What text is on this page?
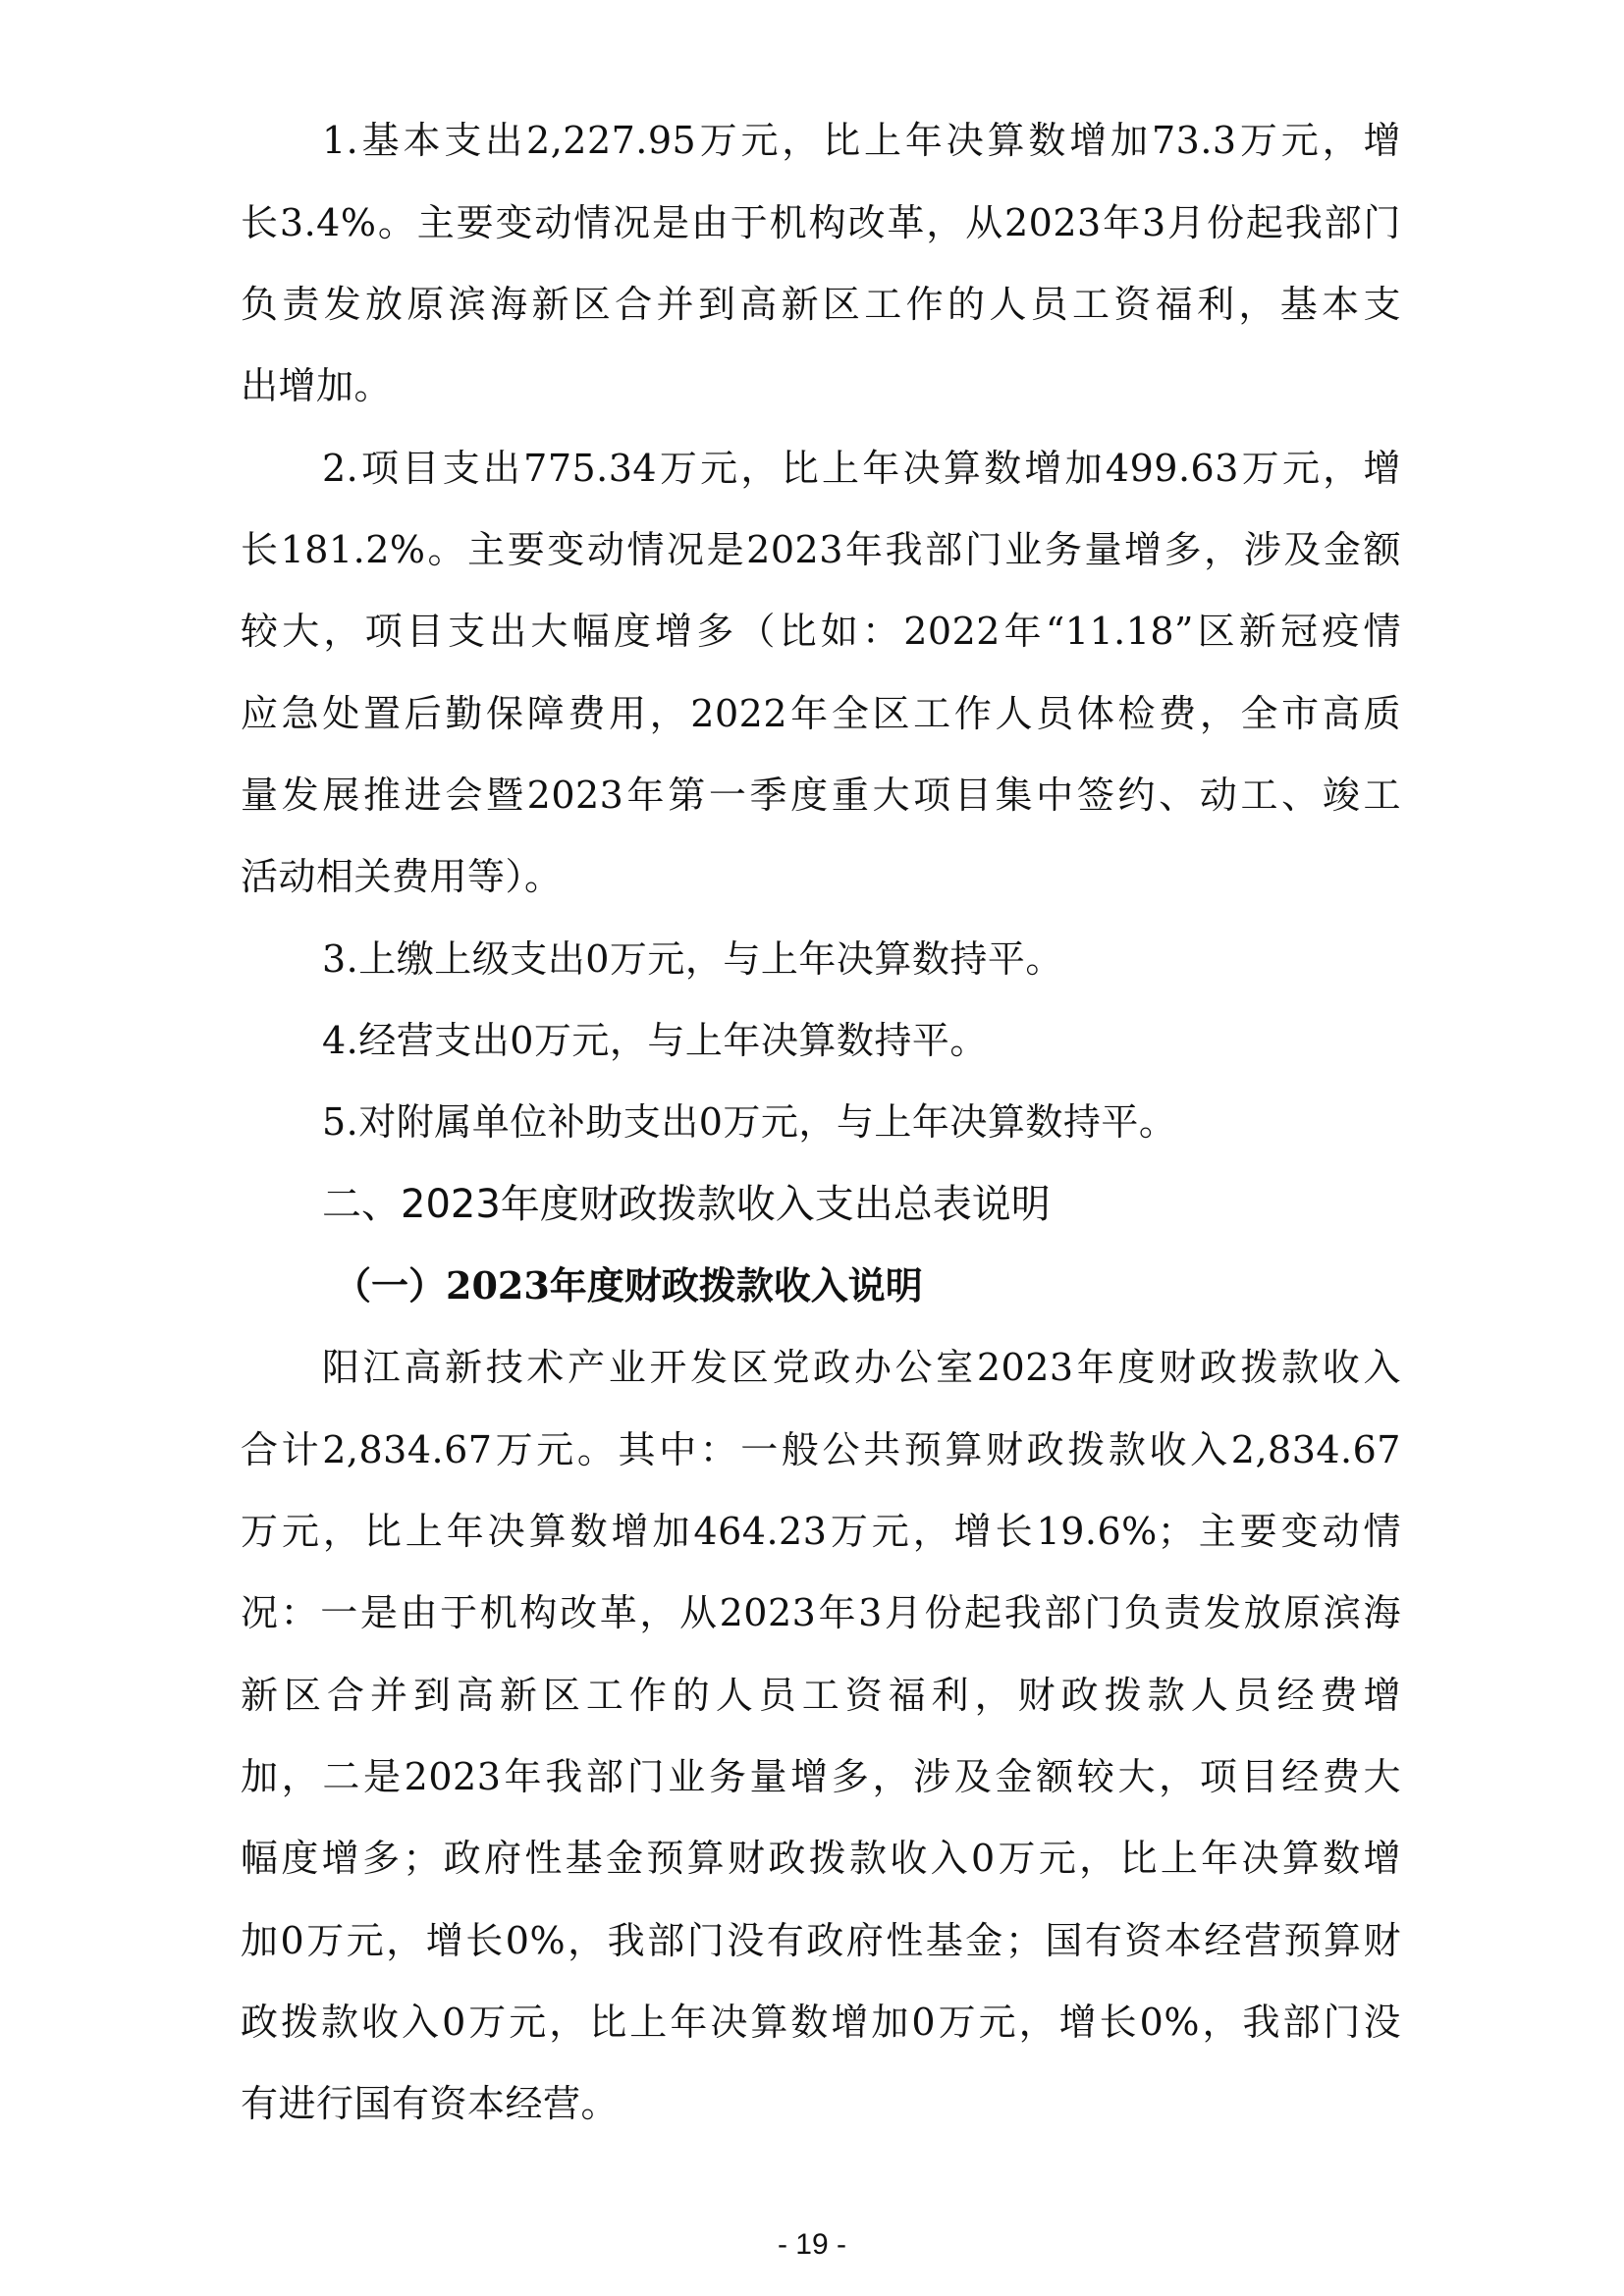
1.基本支出2,227.95万元，比上年决算数增加73.3万元，增
长3.4%。主要变动情况是由于机构改革，从2023年3月份起我部门
负责发放原滨海新区合并到高新区工作的人员工资福利，基本支
出增加。
2.项目支出775.34万元，比上年决算数增加499.63万元，增
长181.2%。主要变动情况是2023年我部门业务量增多，涉及金额
较大，项目支出大幅度增多（比如：2022年“11.18”区新冠疫情
应急处置后勤保障费用，2022年全区工作人员体检费，全市高质
量发展推进会暨2023年第一季度重大项目集中签约、动工、竣工
活动相关费用等）。
3.上缴上级支出0万元，与上年决算数持平。
4.经营支出0万元，与上年决算数持平。
5.对附属单位补助支出0万元，与上年决算数持平。
二、2023年度财政拨款收入支出总表说明
（一）2023年度财政拨款收入说明
阳江高新技术产业开发区党政办公室2023年度财政拨款收入
合计2,834.67万元。其中：一般公共预算财政拨款收入2,834.67
万元，比上年决算数增加464.23万元，增长19.6%；主要变动情
况：一是由于机构改革，从2023年3月份起我部门负责发放原滨海
新区合并到高新区工作的人员工资福利，财政拨款人员经费增
加，二是2023年我部门业务量增多，涉及金额较大，项目经费大
幅度增多；政府性基金预算财政拨款收入0万元，比上年决算数增
加0万元，增长0%，我部门没有政府性基金；国有资本经营预算财
政拨款收入0万元，比上年决算数增加0万元，增长0%，我部门没
有进行国有资本经营。
- 19 -
